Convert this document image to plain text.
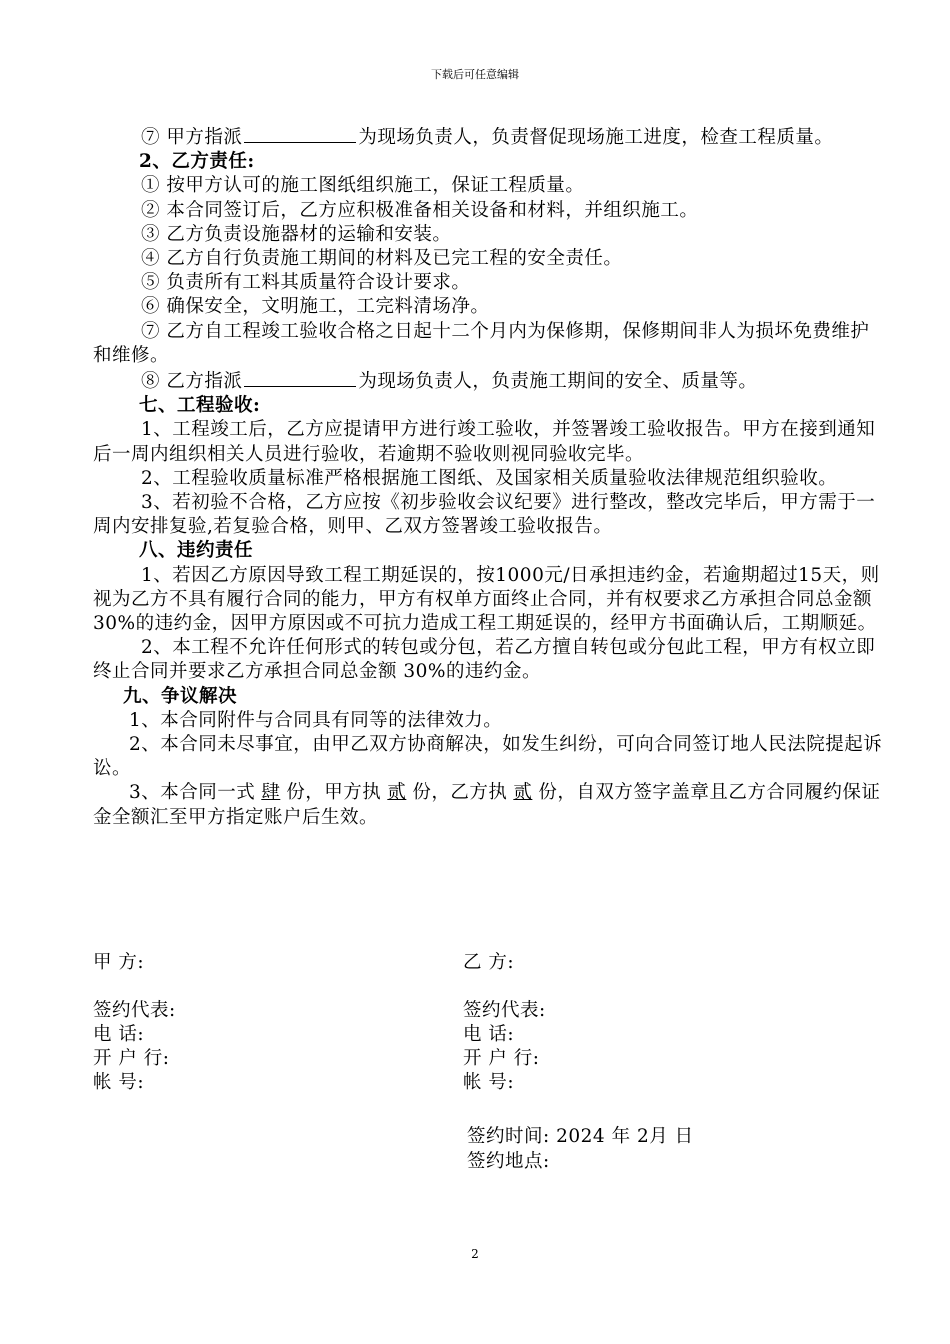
下载后可任意编辑

⑦ 甲方指派	为现场负责人，负责督促现场施工进度，检查工程质量。

2、乙方责任:

① 按甲方认可的施工图纸组织施工，保证工程质量。

② 本合同签订后，乙方应积极准备相关设备和材料，并组织施工。

③ 乙方负责设施器材的运输和安装。

④ 乙方自行负责施工期间的材料及已完工程的安全责任。

⑤ 负责所有工料其质量符合设计要求。

⑥ 确保安全，文明施工，工完料清场净。

⑦ 乙方自工程竣工验收合格之日起十二个月内为保修期，保修期间非人为损坏免费维护和维修。

⑧ 乙方指派	为现场负责人，负责施工期间的安全、质量等。

七、工程验收:

1、工程竣工后，乙方应提请甲方进行竣工验收，并签署竣工验收报告。甲方在接到通知后一周内组织相关人员进行验收，若逾期不验收则视同验收完毕。

2、工程验收质量标准严格根据施工图纸、及国家相关质量验收法律规范组织验收。

3、若初验不合格，乙方应按《初步验收会议纪要》进行整改，整改完毕后，甲方需于一周内安排复验,若复验合格，则甲、乙双方签署竣工验收报告。

八、违约责任

1、若因乙方原因导致工程工期延误的，按1000元/日承担违约金，若逾期超过15天，则视为乙方不具有履行合同的能力，甲方有权单方面终止合同，并有权要求乙方承担合同总金额 30%的违约金，因甲方原因或不可抗力造成工程工期延误的，经甲方书面确认后，工期顺延。

2、本工程不允许任何形式的转包或分包，若乙方擅自转包或分包此工程，甲方有权立即终止合同并要求乙方承担合同总金额 30%的违约金。

九、争议解决

1、本合同附件与合同具有同等的法律效力。

2、本合同未尽事宜，由甲乙双方协商解决，如发生纠纷，可向合同签订地人民法院提起诉讼。

3、本合同一式 肆 份，甲方执 贰 份，乙方执 贰 份，自双方签字盖章且乙方合同履约保证金全额汇至甲方指定账户后生效。

甲 方:	乙 方:
签约代表:	签约代表:
电 话:	电 话:
开 户 行:	开 户 行:
帐 号:	帐 号:
签约时间: 2024 年 2月 日
签约地点:
2
